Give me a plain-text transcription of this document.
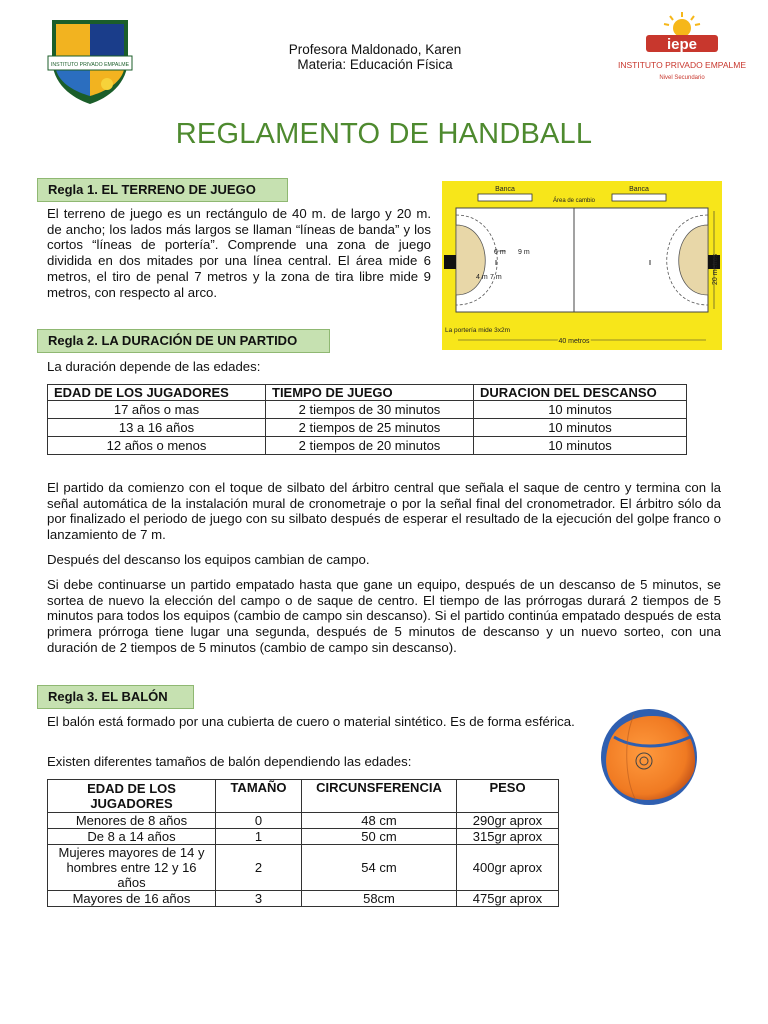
INSTITUTO PRIVADO EMPALME
Profesora Maldonado, Karen
Materia: Educación Física
iepe
INSTITUTO PRIVADO EMPALME
Nivel Secundario
REGLAMENTO DE HANDBALL
Regla 1. EL TERRENO DE JUEGO
El terreno de juego es un rectángulo de 40 m. de largo y 20 m. de ancho; los lados más largos se llaman “líneas de banda” y los cortos “líneas de portería”. Comprende una zona de juego dividida en dos mitades por una línea central. El área mide 6 metros, el tiro de penal 7 metros y la zona de tira libre mide 9 metros, con respecto al arco.
Banca	Banca
Área de cambio
6 m 9 m
4 m 7 m	20 metros
40 metros
La portería mide 3x2m
Regla 2. LA DURACIÓN DE UN PARTIDO
La duración depende de las edades:
EDAD DE LOS JUGADORES	TIEMPO DE JUEGO	DURACION DEL DESCANSO
17 años o mas	2 tiempos de 30 minutos	10 minutos
13 a 16 años	2 tiempos de 25 minutos	10 minutos
12 años o menos	2 tiempos de 20 minutos	10 minutos
El partido da comienzo con el toque de silbato del árbitro central que señala el saque de centro y termina con la señal automática de la instalación mural de cronometraje o por la señal final del cronometrador. El árbitro sólo da por finalizado el periodo de juego con su silbato después de esperar el resultado de la ejecución del golpe franco o lanzamiento de 7 m.
Después del descanso los equipos cambian de campo.
Si debe continuarse un partido empatado hasta que gane un equipo, después de un descanso de 5 minutos, se sortea de nuevo la elección del campo o de saque de centro. El tiempo de las prórrogas durará 2 tiempos de 5 minutos para todos los equipos (cambio de campo sin descanso). Si el partido continúa empatado después de esta primera prórroga tiene lugar una segunda, después de 5 minutos de descanso y un nuevo sorteo, con una duración de 2 tiempos de 5 minutos (cambio de campo sin descanso).
Regla 3. EL BALÓN
El balón está formado por una cubierta de cuero o material sintético. Es de forma esférica.
Existen diferentes tamaños de balón dependiendo las edades:
EDAD DE LOS JUGADORES	TAMAÑO	CIRCUNSFERENCIA	PESO
Menores de 8 años	0	48 cm	290gr aprox
De 8 a 14 años	1	50 cm	315gr aprox
Mujeres mayores de 14 y hombres entre 12 y 16 años	2	54 cm	400gr aprox
Mayores de 16 años	3	58cm	475gr aprox
